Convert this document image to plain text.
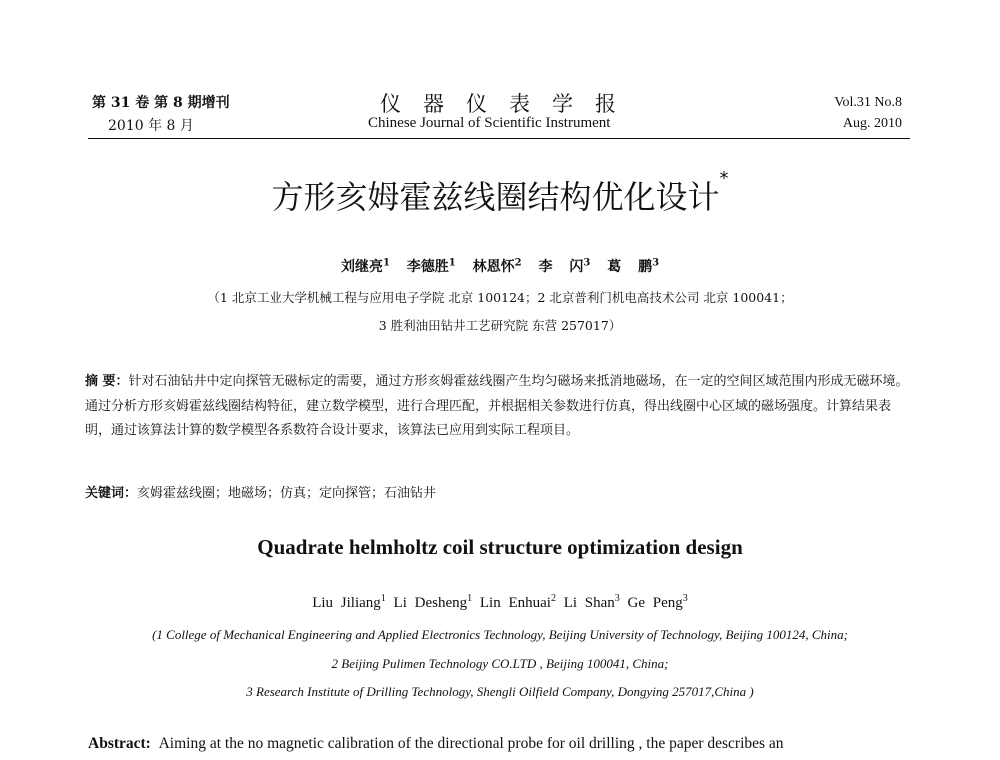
第 31 卷 第 8 期增刊
2010 年 8 月
仪器仪表学报
Chinese Journal of Scientific Instrument
Vol.31 No.8
Aug. 2010
方形亥姆霍兹线圈结构优化设计*
刘继亮$^1$ 李德胜$^1$ 林恩怀$^2$ 李 闪$^3$ 葛 鹏$^3$
（1 北京工业大学机械工程与应用电子学院 北京 100124；2 北京普利门机电高技术公司 北京 100041；
3 胜利油田钻井工艺研究院 东营 257017）
摘 要：针对石油钻井中定向探管无磁标定的需要，通过方形亥姆霍兹线圈产生均匀磁场来抵消地磁场，在一定的空间区域范围内形成无磁环境。通过分析方形亥姆霍兹线圈结构特征，建立数学模型，进行合理匹配，并根据相关参数进行仿真，得出线圈中心区域的磁场强度。计算结果表明，通过该算法计算的数学模型各系数符合设计要求，该算法已应用到实际工程项目。
关键词：亥姆霍兹线圈；地磁场；仿真；定向探管；石油钻井
Quadrate helmholtz coil structure optimization design
Liu Jiliang$^1$ Li Desheng$^1$ Lin Enhuai$^2$ Li Shan$^3$ Ge Peng$^3$
(1 College of Mechanical Engineering and Applied Electronics Technology, Beijing University of Technology, Beijing 100124, China;
2 Beijing Pulimen Technology CO.LTD , Beijing 100041, China;
3 Research Institute of Drilling Technology, Shengli Oilfield Company, Dongying 257017,China )
Abstract: Aiming at the no magnetic calibration of the directional probe for oil drilling , the paper describes an
